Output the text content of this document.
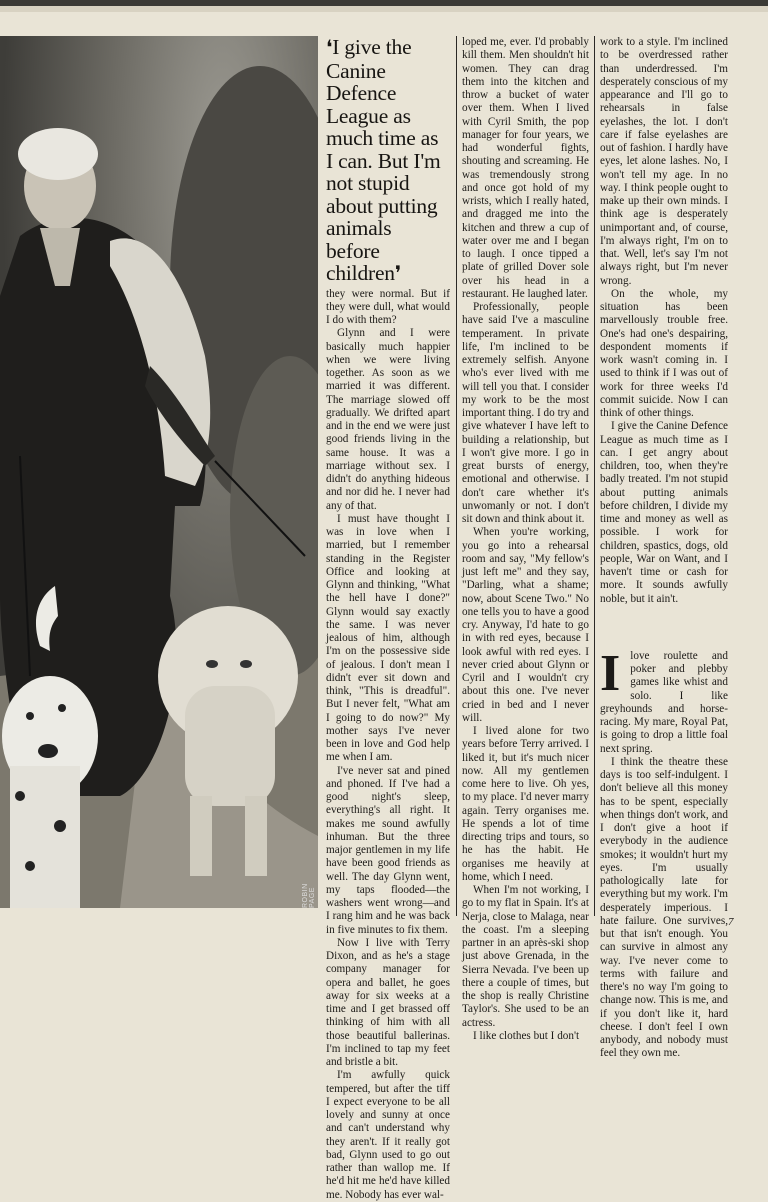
ROBIN PAGE
❛I give the Canine Defence League as much time as I can. But I'm not stupid about putting animals before children❜

they were normal. But if they were dull, what would I do with them?

Glynn and I were basically much happier when we were living together. As soon as we married it was different. The marriage slowed off gradually. We drifted apart and in the end we were just good friends living in the same house. It was a marriage without sex. I didn't do anything hideous and nor did he. I never had any of that.

I must have thought I was in love when I married, but I remember standing in the Register Office and looking at Glynn and thinking, "What the hell have I done?" Glynn would say exactly the same. I was never jealous of him, although I'm on the possessive side of jealous. I don't mean I didn't ever sit down and think, "This is dreadful". But I never felt, "What am I going to do now?" My mother says I've never been in love and God help me when I am.

I've never sat and pined and phoned. If I've had a good night's sleep, everything's all right. It makes me sound awfully inhuman. But the three major gentlemen in my life have been good friends as well. The day Glynn went, my taps flooded—the washers went wrong—and I rang him and he was back in five minutes to fix them.

Now I live with Terry Dixon, and as he's a stage company manager for opera and ballet, he goes away for six weeks at a time and I get brassed off thinking of him with all those beautiful ballerinas. I'm inclined to tap my feet and bristle a bit.

I'm awfully quick tempered, but after the tiff I expect everyone to be all lovely and sunny at once and can't understand why they aren't. If it really got bad, Glynn used to go out rather than wallop me. If he'd hit me he'd have killed me. Nobody has ever wal-

loped me, ever. I'd probably kill them. Men shouldn't hit women. They can drag them into the kitchen and throw a bucket of water over them. When I lived with Cyril Smith, the pop manager for four years, we had wonderful fights, shouting and screaming. He was tremendously strong and once got hold of my wrists, which I really hated, and dragged me into the kitchen and threw a cup of water over me and I began to laugh. I once tipped a plate of grilled Dover sole over his head in a restaurant. He laughed later.

Professionally, people have said I've a masculine temperament. In private life, I'm inclined to be extremely selfish. Anyone who's ever lived with me will tell you that. I consider my work to be the most important thing. I do try and give whatever I have left to building a relationship, but I won't give more. I go in great bursts of energy, emotional and otherwise. I don't care whether it's unwomanly or not. I don't sit down and think about it.

When you're working, you go into a rehearsal room and say, "My fellow's just left me" and they say, "Darling, what a shame; now, about Scene Two." No one tells you to have a good cry. Anyway, I'd hate to go in with red eyes, because I look awful with red eyes. I never cried about Glynn or Cyril and I wouldn't cry about this one. I've never cried in bed and I never will.

I lived alone for two years before Terry arrived. I liked it, but it's much nicer now. All my gentlemen come here to live. Oh yes, to my place. I'd never marry again. Terry organises me. He spends a lot of time directing trips and tours, so he has the habit. He organises me heavily at home, which I need.

When I'm not working, I go to my flat in Spain. It's at Nerja, close to Malaga, near the coast. I'm a sleeping partner in an après-ski shop just above Grenada, in the Sierra Nevada. I've been up there a couple of times, but the shop is really Christine Taylor's. She used to be an actress.

I like clothes but I don't

work to a style. I'm inclined to be overdressed rather than underdressed. I'm desperately conscious of my appearance and I'll go to rehearsals in false eyelashes, the lot. I don't care if false eyelashes are out of fashion. I hardly have eyes, let alone lashes. No, I won't tell my age. In no way. I think people ought to make up their own minds. I think age is desperately unimportant and, of course, I'm always right, I'm on to that. Well, let's say I'm not always right, but I'm never wrong.

On the whole, my situation has been marvellously trouble free. One's had one's despairing, despondent moments if work wasn't coming in. I used to think if I was out of work for three weeks I'd commit suicide. Now I can think of other things.

I give the Canine Defence League as much time as I can. I get angry about children, too, when they're badly treated. I'm not stupid about putting animals before children, I divide my time and money as well as possible. I work for children, spastics, dogs, old people, War on Want, and I haven't time or cash for more. It sounds awfully noble, but it ain't.

Ilove roulette and poker and plebby games like whist and solo. I like greyhounds and horse-racing. My mare, Royal Pat, is going to drop a little foal next spring.

I think the theatre these days is too self-indulgent. I don't believe all this money has to be spent, especially when things don't work, and I don't give a hoot if everybody in the audience smokes; it wouldn't hurt my eyes. I'm usually pathologically late for everything but my work. I'm desperately imperious. I hate failure. One survives, but that isn't enough. You can survive in almost any way. I've never come to terms with failure and there's no way I'm going to change now. This is me, and if you don't like it, hard cheese. I don't feel I own anybody, and nobody must feel they own me.

7
